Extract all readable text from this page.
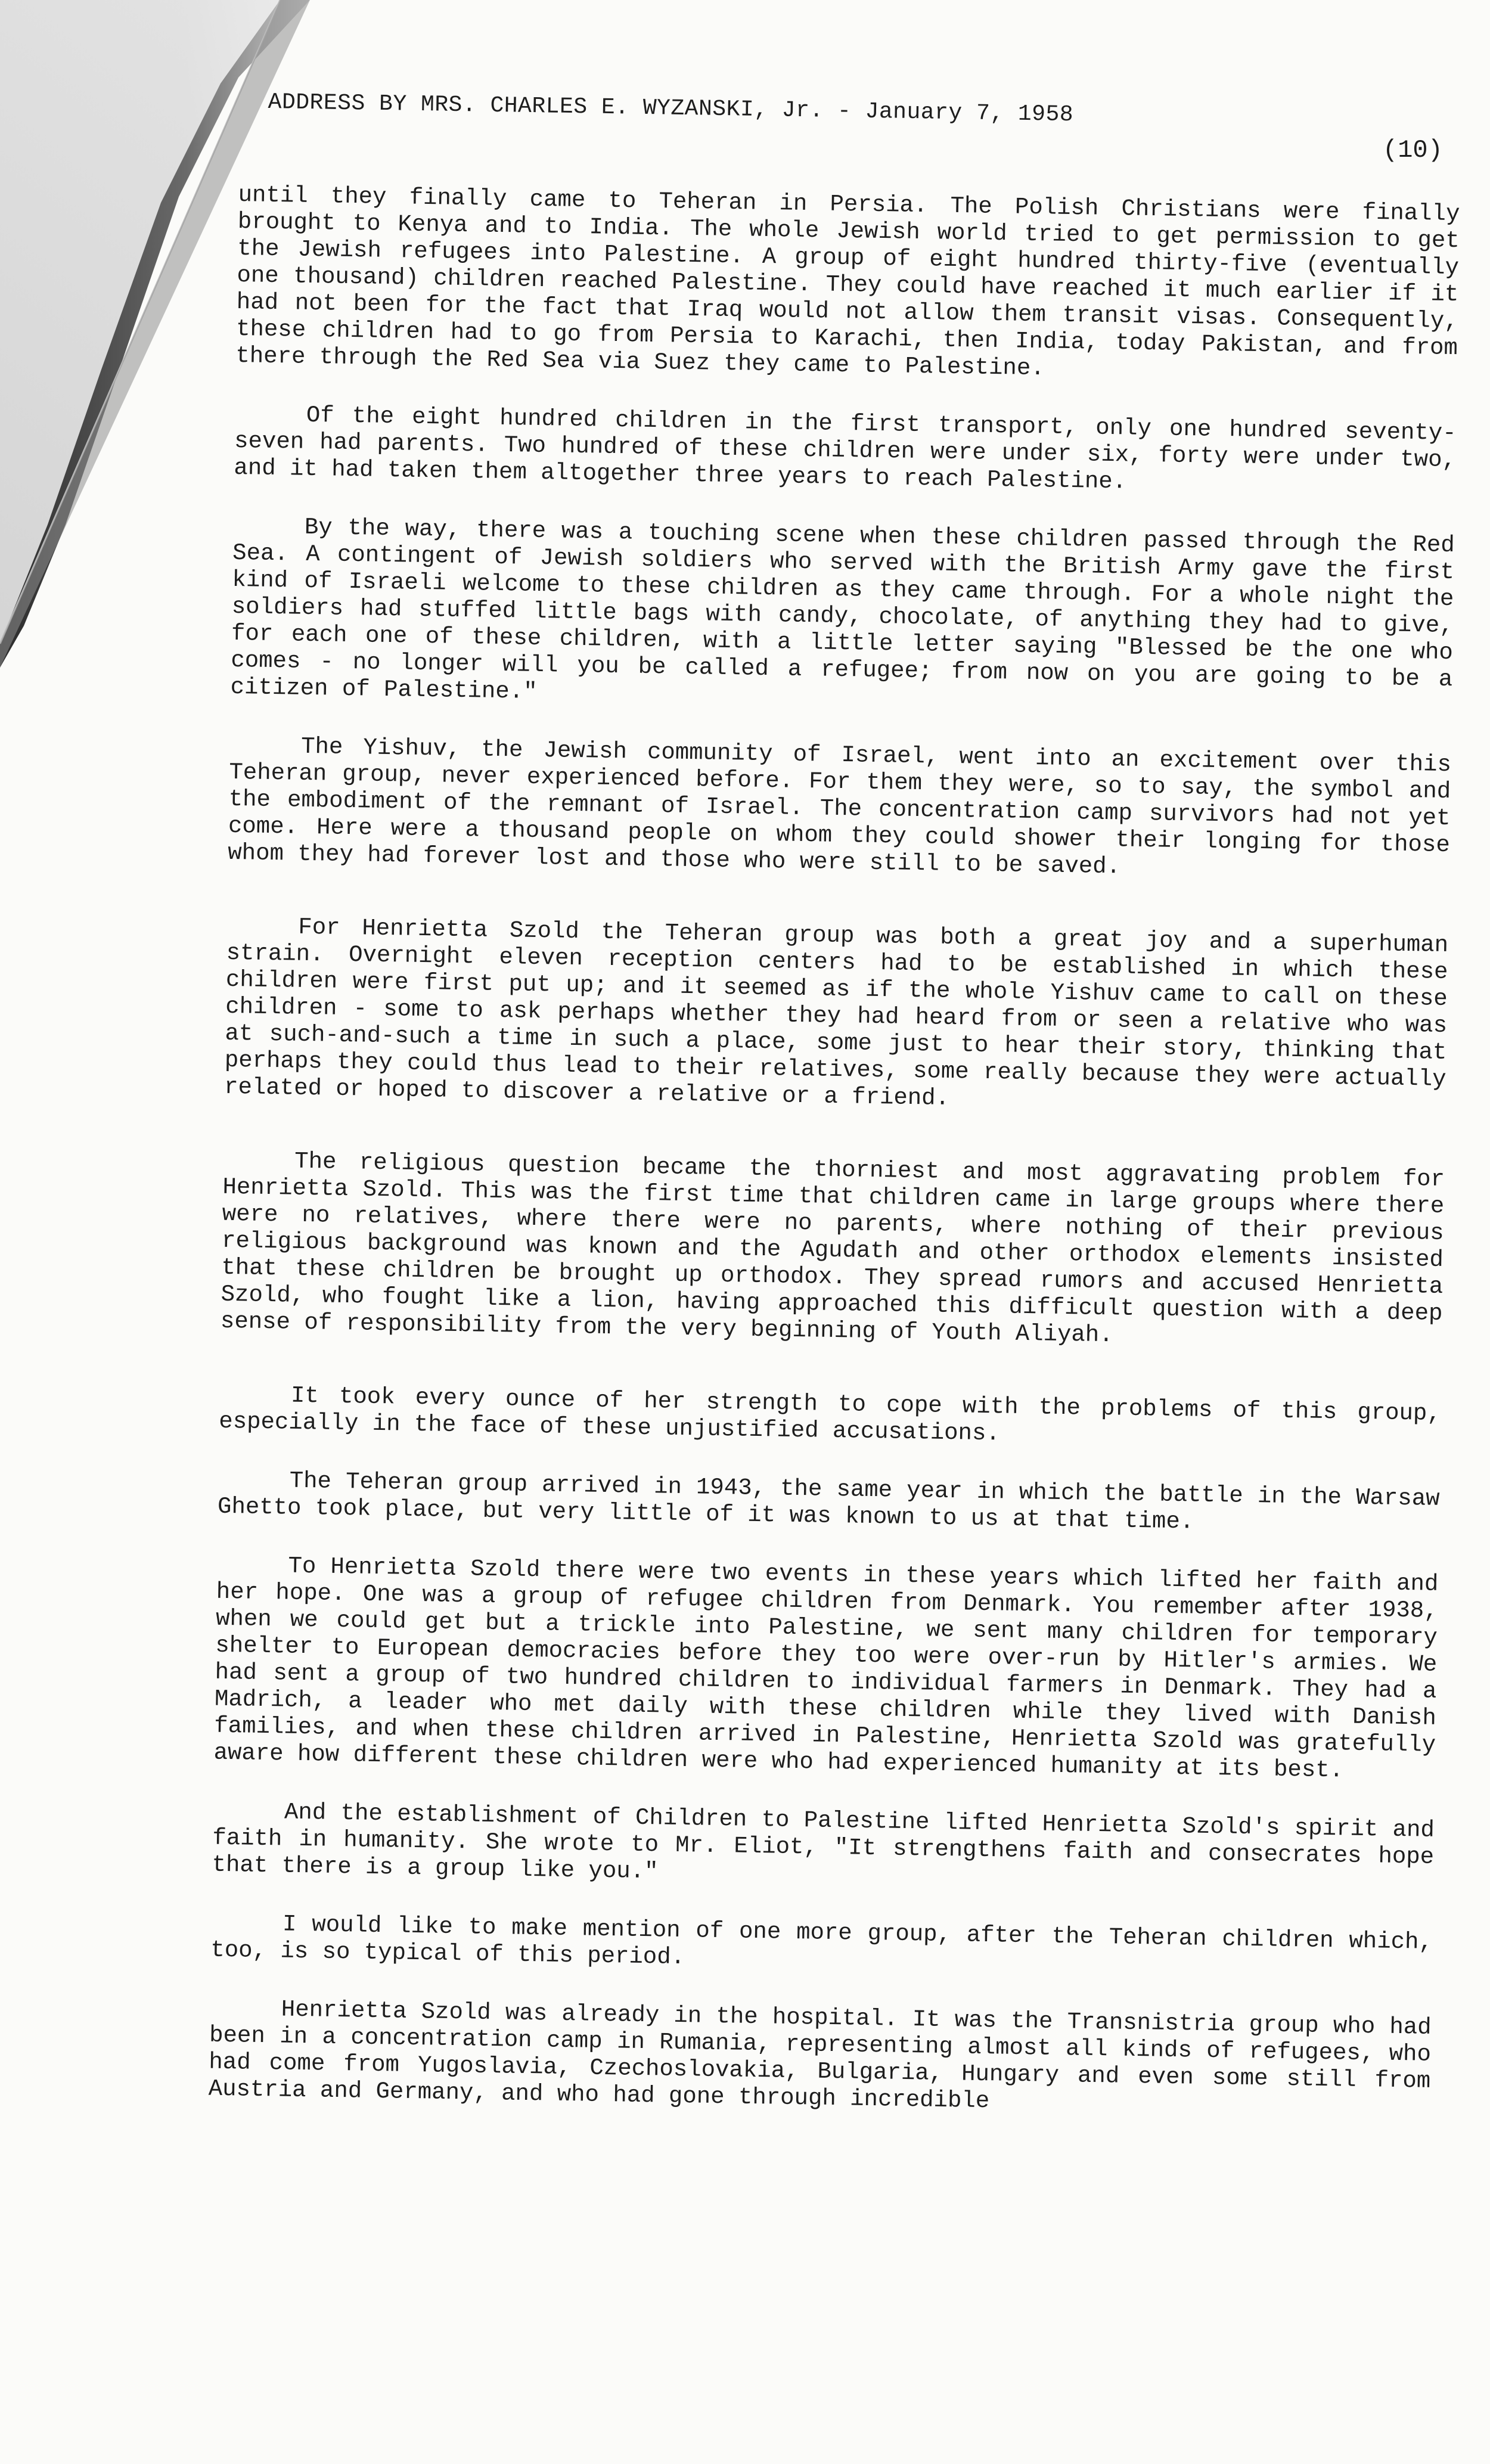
ADDRESS BY MRS. CHARLES E. WYZANSKI, Jr. - January 7, 1958
(10)

until they finally came to Teheran in Persia. The Polish Christians were finally brought to Kenya and to India. The whole Jewish world tried to get permission to get the Jewish refugees into Palestine. A group of eight hundred thirty-five (eventually one thousand) children reached Palestine. They could have reached it much earlier if it had not been for the fact that Iraq would not allow them transit visas. Consequently, these children had to go from Persia to Karachi, then India, today Pakistan, and from there through the Red Sea via Suez they came to Palestine.

Of the eight hundred children in the first transport, only one hundred seventy-seven had parents. Two hundred of these children were under six, forty were under two, and it had taken them altogether three years to reach Palestine.

By the way, there was a touching scene when these children passed through the Red Sea. A contingent of Jewish soldiers who served with the British Army gave the first kind of Israeli welcome to these children as they came through. For a whole night the soldiers had stuffed little bags with candy, chocolate, of anything they had to give, for each one of these children, with a little letter saying "Blessed be the one who comes - no longer will you be called a refugee; from now on you are going to be a citizen of Palestine."

The Yishuv, the Jewish community of Israel, went into an excitement over this Teheran group, never experienced before. For them they were, so to say, the symbol and the embodiment of the remnant of Israel. The concentration camp survivors had not yet come. Here were a thousand people on whom they could shower their longing for those whom they had forever lost and those who were still to be saved.

For Henrietta Szold the Teheran group was both a great joy and a superhuman strain. Overnight eleven reception centers had to be established in which these children were first put up; and it seemed as if the whole Yishuv came to call on these children - some to ask perhaps whether they had heard from or seen a relative who was at such-and-such a time in such a place, some just to hear their story, thinking that perhaps they could thus lead to their relatives, some really because they were actually related or hoped to discover a relative or a friend.

The religious question became the thorniest and most aggravating problem for Henrietta Szold. This was the first time that children came in large groups where there were no relatives, where there were no parents, where nothing of their previous religious background was known and the Agudath and other orthodox elements insisted that these children be brought up orthodox. They spread rumors and accused Henrietta Szold, who fought like a lion, having approached this difficult question with a deep sense of responsibility from the very beginning of Youth Aliyah.

It took every ounce of her strength to cope with the problems of this group, especially in the face of these unjustified accusations.

The Teheran group arrived in 1943, the same year in which the battle in the Warsaw Ghetto took place, but very little of it was known to us at that time.

To Henrietta Szold there were two events in these years which lifted her faith and her hope. One was a group of refugee children from Denmark. You remember after 1938, when we could get but a trickle into Palestine, we sent many children for temporary shelter to European democracies before they too were over-run by Hitler's armies. We had sent a group of two hundred children to individual farmers in Denmark. They had a Madrich, a leader who met daily with these children while they lived with Danish families, and when these children arrived in Palestine, Henrietta Szold was gratefully aware how different these children were who had experienced humanity at its best.

And the establishment of Children to Palestine lifted Henrietta Szold's spirit and faith in humanity. She wrote to Mr. Eliot, "It strengthens faith and consecrates hope that there is a group like you."

I would like to make mention of one more group, after the Teheran children which, too, is so typical of this period.

Henrietta Szold was already in the hospital. It was the Transnistria group who had been in a concentration camp in Rumania, representing almost all kinds of refugees, who had come from Yugoslavia, Czechoslovakia, Bulgaria, Hungary and even some still from Austria and Germany, and who had gone through incredible
